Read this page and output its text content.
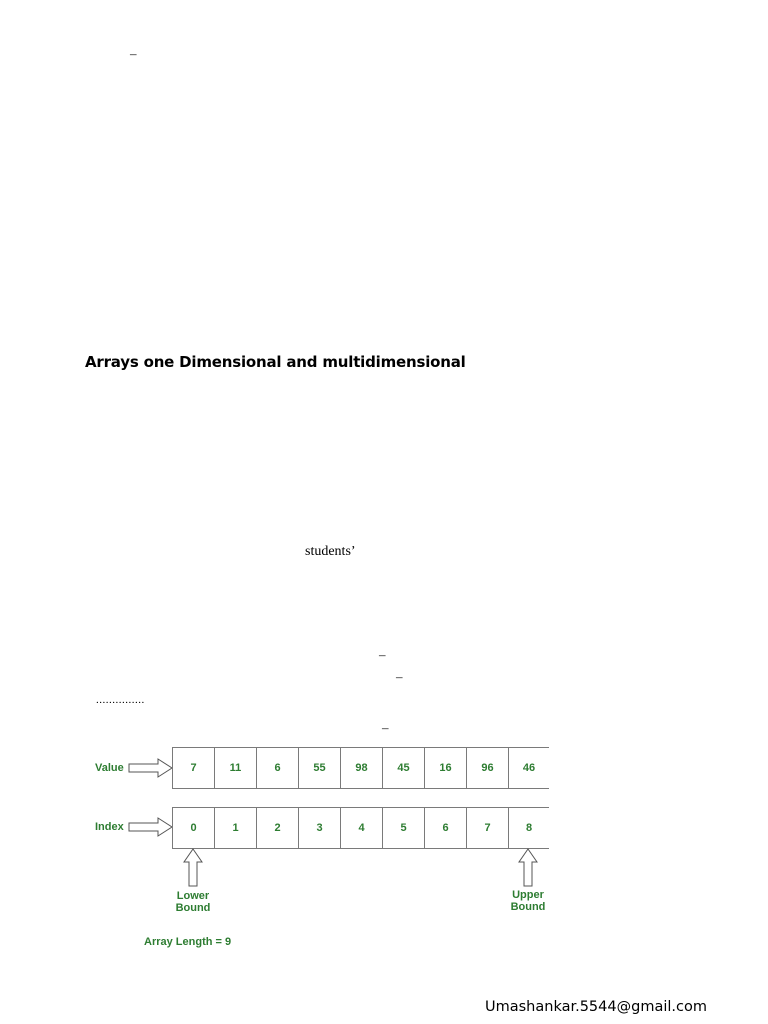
–
Arrays one Dimensional and multidimensional
students’
–
–
...............
–
Value	7	11	6	55	98	45	16	96	46
Index	0	1	2	3	4	5	6	7	8
Lower
Bound
Upper
Bound
Array Length = 9
Umashankar.5544@gmail.com
